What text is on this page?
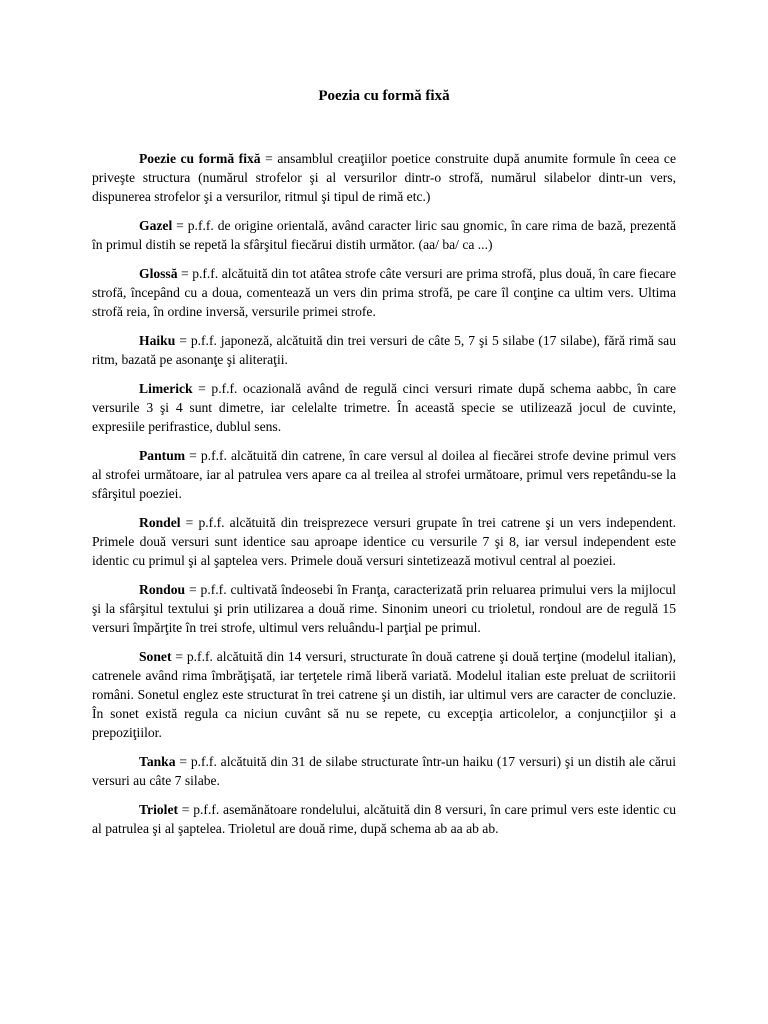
Poezia cu formă fixă

Poezie cu formă fixă = ansamblul creaţiilor poetice construite după anumite formule în ceea ce priveşte structura (numărul strofelor şi al versurilor dintr-o strofă, numărul silabelor dintr-un vers, dispunerea strofelor şi a versurilor, ritmul şi tipul de rimă etc.)

Gazel = p.f.f. de origine orientală, având caracter liric sau gnomic, în care rima de bază, prezentă în primul distih se repetă la sfârşitul fiecărui distih următor. (aa/ ba/ ca ...)

Glossă = p.f.f. alcătuită din tot atâtea strofe câte versuri are prima strofă, plus două, în care fiecare strofă, începând cu a doua, comentează un vers din prima strofă, pe care îl conţine ca ultim vers. Ultima strofă reia, în ordine inversă, versurile primei strofe.

Haiku = p.f.f. japoneză, alcătuită din trei versuri de câte 5, 7 şi 5 silabe (17 silabe), fără rimă sau ritm, bazată pe asonanţe şi aliteraţii.

Limerick = p.f.f. ocazională având de regulă cinci versuri rimate după schema aabbc, în care versurile 3 şi 4 sunt dimetre, iar celelalte trimetre. În această specie se utilizează jocul de cuvinte, expresiile perifrastice, dublul sens.

Pantum = p.f.f. alcătuită din catrene, în care versul al doilea al fiecărei strofe devine primul vers al strofei următoare, iar al patrulea vers apare ca al treilea al strofei următoare, primul vers repetându-se la sfârşitul poeziei.

Rondel = p.f.f. alcătuită din treisprezece versuri grupate în trei catrene şi un vers independent. Primele două versuri sunt identice sau aproape identice cu versurile 7 şi 8, iar versul independent este identic cu primul şi al şaptelea vers. Primele două versuri sintetizează motivul central al poeziei.

Rondou = p.f.f. cultivată îndeosebi în Franţa, caracterizată prin reluarea primului vers la mijlocul şi la sfârşitul textului şi prin utilizarea a două rime. Sinonim uneori cu trioletul, rondoul are de regulă 15 versuri împărţite în trei strofe, ultimul vers reluându-l parţial pe primul.

Sonet = p.f.f. alcătuită din 14 versuri, structurate în două catrene şi două terţine (modelul italian), catrenele având rima îmbrăţişată, iar terţetele rimă liberă variată. Modelul italian este preluat de scriitorii români. Sonetul englez este structurat în trei catrene şi un distih, iar ultimul vers are caracter de concluzie. În sonet există regula ca niciun cuvânt să nu se repete, cu excepţia articolelor, a conjuncţiilor şi a prepoziţiilor.

Tanka = p.f.f. alcătuită din 31 de silabe structurate într-un haiku (17 versuri) şi un distih ale cărui versuri au câte 7 silabe.

Triolet = p.f.f. asemănătoare rondelului, alcătuită din 8 versuri, în care primul vers este identic cu al patrulea şi al şaptelea. Trioletul are două rime, după schema ab aa ab ab.
